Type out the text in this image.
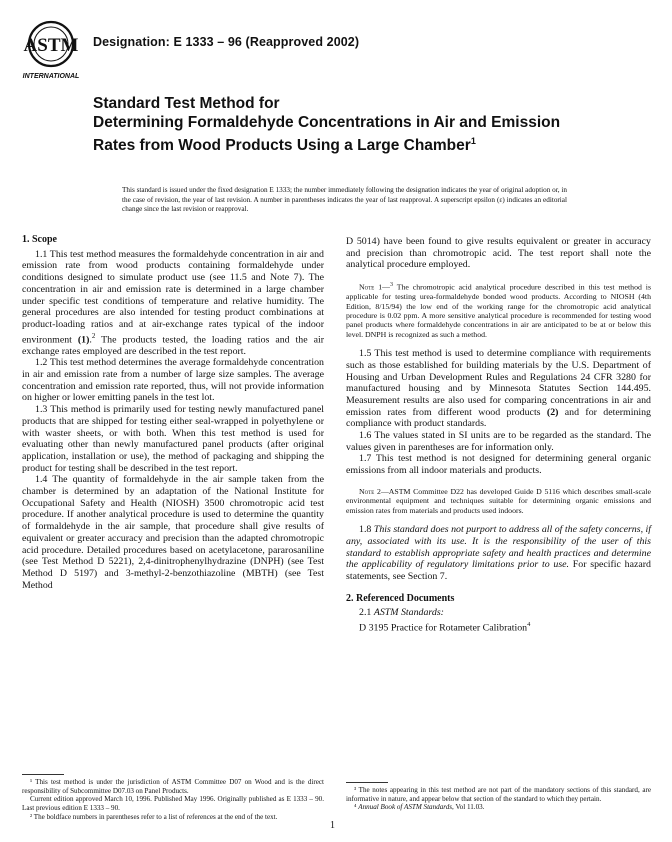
ASTM
INTERNATIONAL
Designation: E 1333 – 96 (Reapproved 2002)
Standard Test Method for
Determining Formaldehyde Concentrations in Air and Emission Rates from Wood Products Using a Large Chamber$^1$
This standard is issued under the fixed designation E 1333; the number immediately following the designation indicates the year of original adoption or, in the case of revision, the year of last revision. A number in parentheses indicates the year of last reapproval. A superscript epsilon (ε) indicates an editorial change since the last revision or reapproval.
1. Scope

1.1 This test method measures the formaldehyde concentration in air and emission rate from wood products containing formaldehyde under conditions designed to simulate product use (see 11.5 and Note 7). The concentration in air and emission rate is determined in a large chamber under specific test conditions of temperature and relative humidity. The general procedures are also intended for testing product combinations at product-loading ratios and at air-exchange rates typical of the indoor environment (1).$^2$ The products tested, the loading ratios and the air exchange rates employed are described in the test report.

1.2 This test method determines the average formaldehyde concentration in air and emission rate from a number of large size samples. The average concentration and emission rate reported, thus, will not provide information on higher or lower emitting panels in the test lot.

1.3 This method is primarily used for testing newly manufactured panel products that are shipped for testing either seal-wrapped in polyethylene or with waster sheets, or with both. When this test method is used for evaluating other than newly manufactured panel products (after original application, installation or use), the method of packaging and shipping the product for testing shall be described in the test report.

1.4 The quantity of formaldehyde in the air sample taken from the chamber is determined by an adaptation of the National Institute for Occupational Safety and Health (NIOSH) 3500 chromotropic acid test procedure. If another analytical procedure is used to determine the quantity of formaldehyde in the air sample, that procedure shall give results of equivalent or greater accuracy and precision than the adapted chromotropic acid procedure. Detailed procedures based on acetylacetone, pararosaniline (see Test Method D 5221), 2,4-dinitrophenylhydrazine (DNPH) (see Test Method D 5197) and 3-methyl-2-benzothiazoline (MBTH) (see Test Method

D 5014) have been found to give results equivalent or greater in accuracy and precision than chromotropic acid. The test report shall note the analytical procedure employed.

Note 1—$^3$ The chromotropic acid analytical procedure described in this test method is applicable for testing urea-formaldehyde bonded wood products. According to NIOSH (4th Edition, 8/15/94) the low end of the working range for the chromotropic acid analytical procedure is 0.02 ppm. A more sensitive analytical procedure is recommended for testing wood panel products where formaldehyde concentrations in air are anticipated to be at or below this level. DNPH is recognized as such a method.

1.5 This test method is used to determine compliance with requirements such as those established for building materials by the U.S. Department of Housing and Urban Development Rules and Regulations 24 CFR 3280 for manufactured housing and by Minnesota Statutes Section 144.495. Measurement results are also used for comparing concentrations in air and emission rates from different wood products (2) and for determining compliance with product standards.

1.6 The values stated in SI units are to be regarded as the standard. The values given in parentheses are for information only.

1.7 This test method is not designed for determining general organic emissions from all indoor materials and products.

Note 2—ASTM Committee D22 has developed Guide D 5116 which describes small-scale environmental equipment and techniques suitable for determining organic emissions and emission rates from materials and products used indoors.

1.8 This standard does not purport to address all of the safety concerns, if any, associated with its use. It is the responsibility of the user of this standard to establish appropriate safety and health practices and determine the applicability of regulatory limitations prior to use. For specific hazard statements, see Section 7.

2. Referenced Documents

2.1 ASTM Standards:

D 3195 Practice for Rotameter Calibration$^4$

¹ This test method is under the jurisdiction of ASTM Committee D07 on Wood and is the direct responsibility of Subcommittee D07.03 on Panel Products.

Current edition approved March 10, 1996. Published May 1996. Originally published as E 1333 – 90. Last previous edition E 1333 – 90.

² The boldface numbers in parentheses refer to a list of references at the end of the text.

³ The notes appearing in this test method are not part of the mandatory sections of this standard, are informative in nature, and appear below that section of the standard to which they pertain.

⁴ Annual Book of ASTM Standards, Vol 11.03.

1
